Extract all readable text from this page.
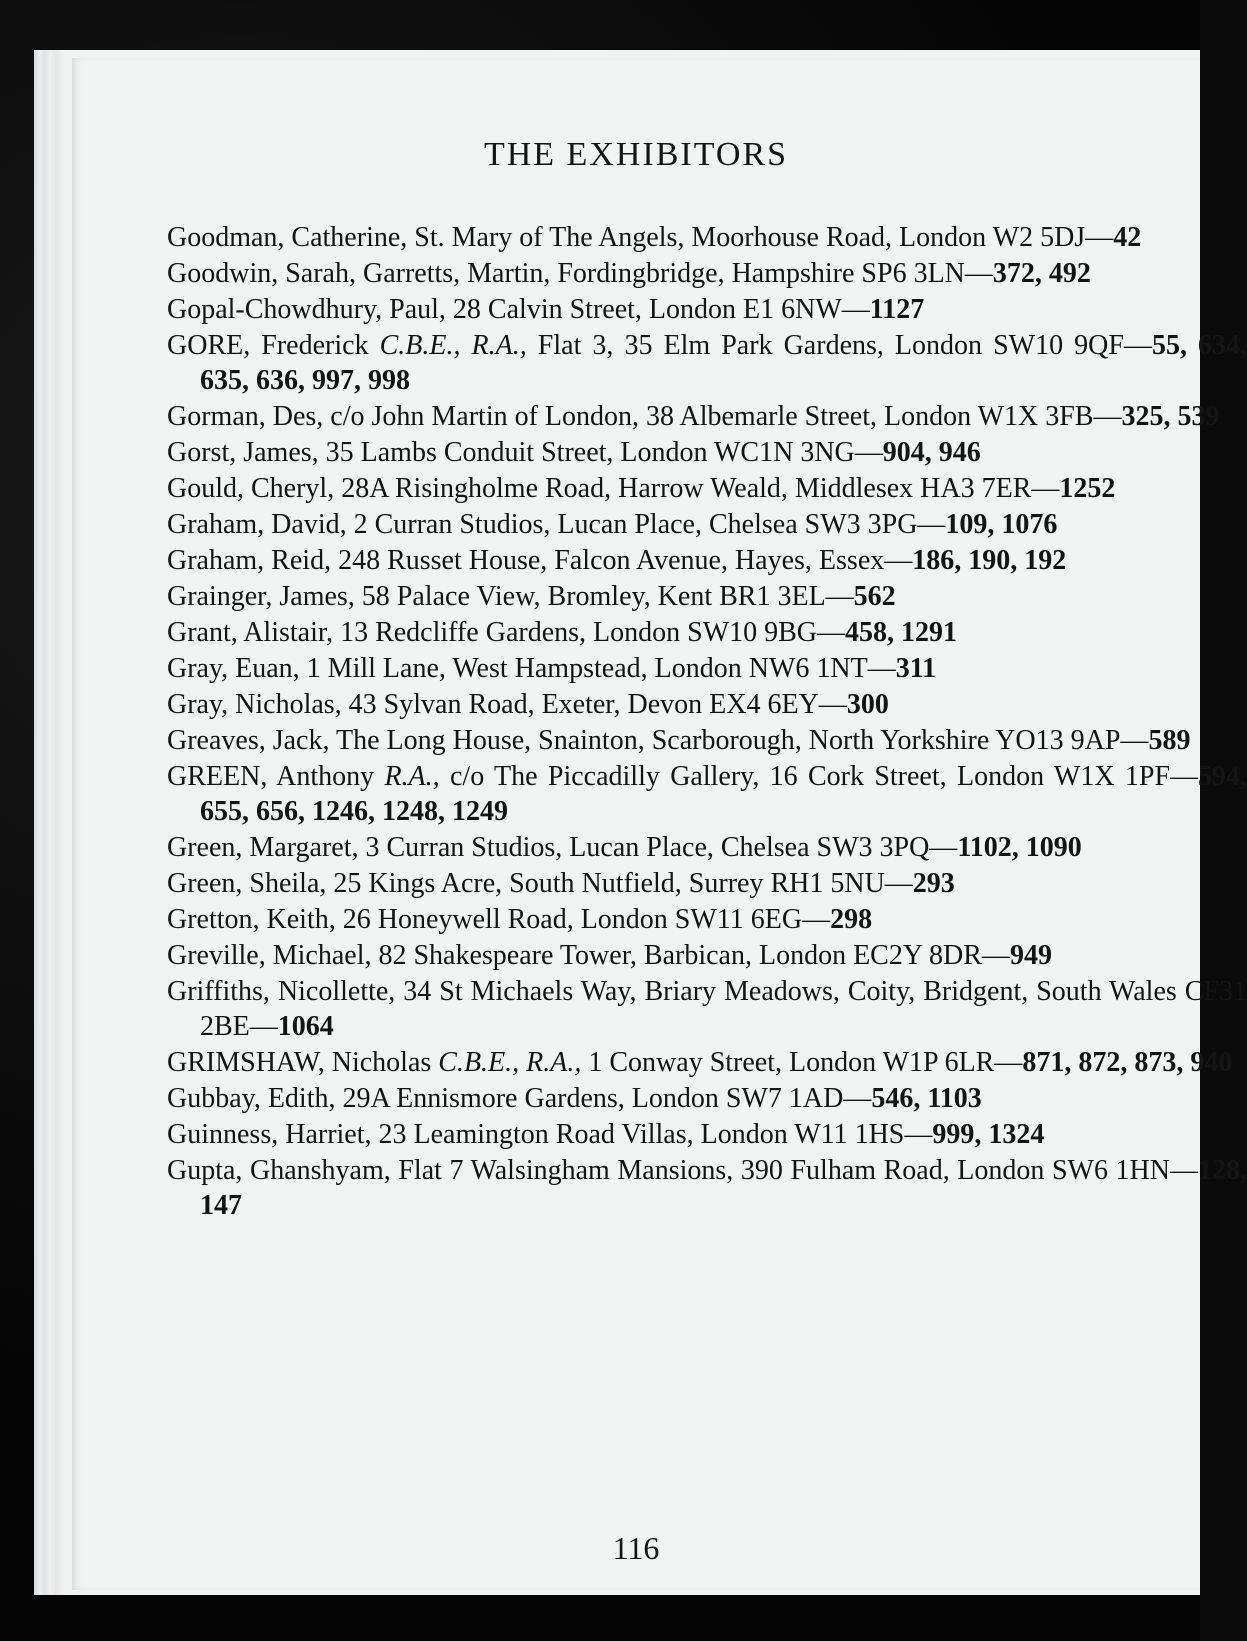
THE EXHIBITORS
Goodman, Catherine, St. Mary of The Angels, Moorhouse Road, London W2 5DJ—42
Goodwin, Sarah, Garretts, Martin, Fordingbridge, Hampshire SP6 3LN—372, 492
Gopal-Chowdhury, Paul, 28 Calvin Street, London E1 6NW—1127
GORE, Frederick C.B.E., R.A., Flat 3, 35 Elm Park Gardens, London SW10 9QF—55, 634, 635, 636, 997, 998
Gorman, Des, c/o John Martin of London, 38 Albemarle Street, London W1X 3FB—325, 539
Gorst, James, 35 Lambs Conduit Street, London WC1N 3NG—904, 946
Gould, Cheryl, 28A Risingholme Road, Harrow Weald, Middlesex HA3 7ER—1252
Graham, David, 2 Curran Studios, Lucan Place, Chelsea SW3 3PG—109, 1076
Graham, Reid, 248 Russet House, Falcon Avenue, Hayes, Essex—186, 190, 192
Grainger, James, 58 Palace View, Bromley, Kent BR1 3EL—562
Grant, Alistair, 13 Redcliffe Gardens, London SW10 9BG—458, 1291
Gray, Euan, 1 Mill Lane, West Hampstead, London NW6 1NT—311
Gray, Nicholas, 43 Sylvan Road, Exeter, Devon EX4 6EY—300
Greaves, Jack, The Long House, Snainton, Scarborough, North Yorkshire YO13 9AP—589
GREEN, Anthony R.A., c/o The Piccadilly Gallery, 16 Cork Street, London W1X 1PF—594, 655, 656, 1246, 1248, 1249
Green, Margaret, 3 Curran Studios, Lucan Place, Chelsea SW3 3PQ—1102, 1090
Green, Sheila, 25 Kings Acre, South Nutfield, Surrey RH1 5NU—293
Gretton, Keith, 26 Honeywell Road, London SW11 6EG—298
Greville, Michael, 82 Shakespeare Tower, Barbican, London EC2Y 8DR—949
Griffiths, Nicollette, 34 St Michaels Way, Briary Meadows, Coity, Bridgent, South Wales CF31 2BE—1064
GRIMSHAW, Nicholas C.B.E., R.A., 1 Conway Street, London W1P 6LR—871, 872, 873, 940
Gubbay, Edith, 29A Ennismore Gardens, London SW7 1AD—546, 1103
Guinness, Harriet, 23 Leamington Road Villas, London W11 1HS—999, 1324
Gupta, Ghanshyam, Flat 7 Walsingham Mansions, 390 Fulham Road, London SW6 1HN—128, 147
116
